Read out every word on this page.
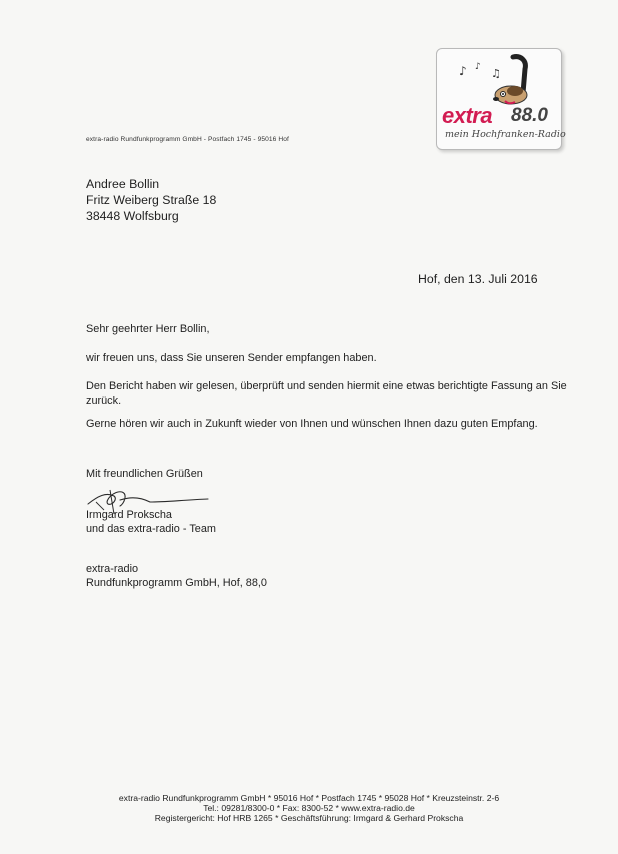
♪ ♪ ♫
extra 88.0
mein Hochfranken-Radio
extra-radio Rundfunkprogramm GmbH - Postfach 1745 - 95016 Hof
Andree Bollin
Fritz Weiberg Straße 18
38448 Wolfsburg
Hof, den 13. Juli 2016
Sehr geehrter Herr Bollin,
wir freuen uns, dass Sie unseren Sender empfangen haben.
Den Bericht haben wir gelesen, überprüft und senden hiermit eine etwas berichtigte Fassung an Sie zurück.
Gerne hören wir auch in Zukunft wieder von Ihnen und wünschen Ihnen dazu guten Empfang.
Mit freundlichen Grüßen
Irmgard Prokscha
und das extra-radio - Team
extra-radio
Rundfunkprogramm GmbH, Hof, 88,0
extra-radio Rundfunkprogramm GmbH * 95016 Hof * Postfach 1745 * 95028 Hof * Kreuzsteinstr. 2-6
Tel.: 09281/8300-0 * Fax: 8300-52 * www.extra-radio.de
Registergericht: Hof HRB 1265 * Geschäftsführung: Irmgard & Gerhard Prokscha
